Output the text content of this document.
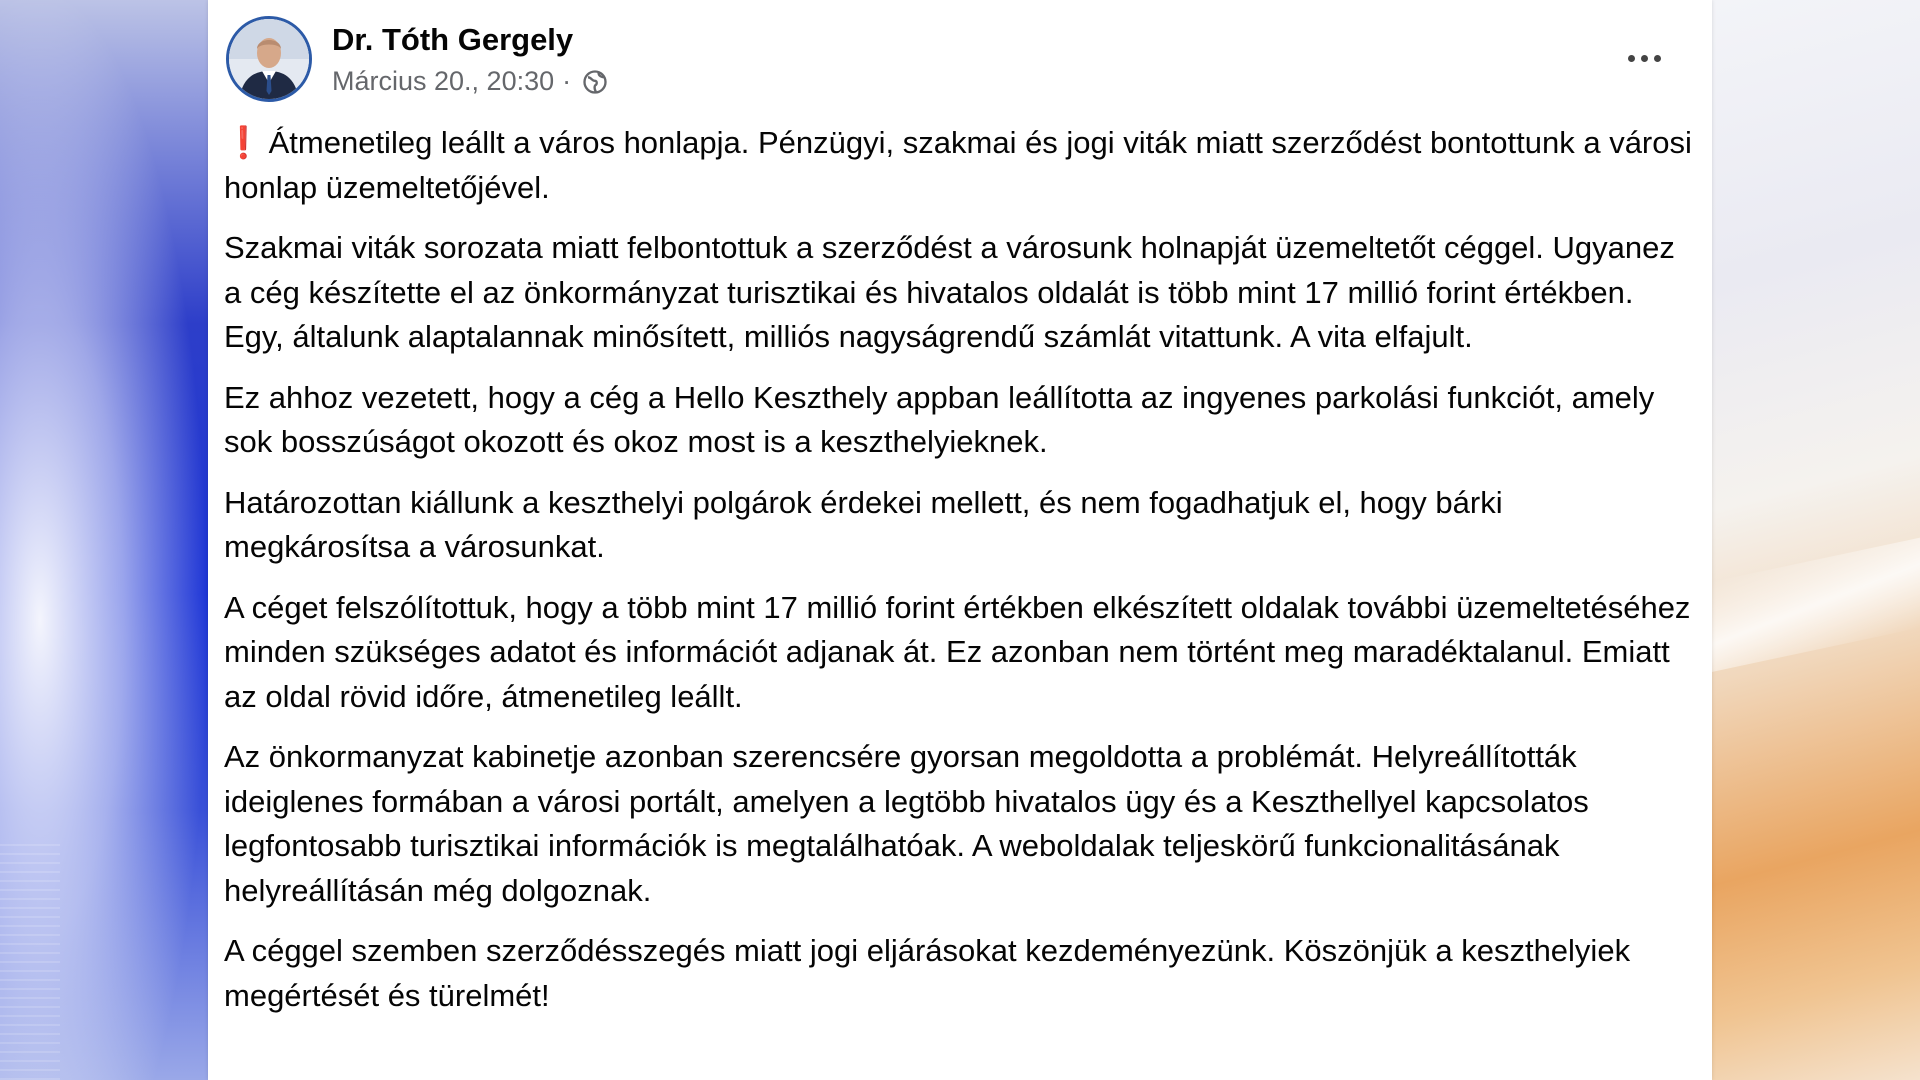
Dr. Tóth Gergely
Március 20., 20:30 ·

❗ Átmenetileg leállt a város honlapja. Pénzügyi, szakmai és jogi viták miatt szerződést bontottunk a városi honlap üzemeltetőjével.

Szakmai viták sorozata miatt felbontottuk a szerződést a városunk holnapját üzemeltetőt céggel. Ugyanez a cég készítette el az önkormányzat turisztikai és hivatalos oldalát is több mint 17 millió forint értékben. Egy, általunk alaptalannak minősített, milliós nagyságrendű számlát vitattunk. A vita elfajult.

Ez ahhoz vezetett, hogy a cég a Hello Keszthely appban leállította az ingyenes parkolási funkciót, amely sok bosszúságot okozott és okoz most is a keszthelyieknek.

Határozottan kiállunk a keszthelyi polgárok érdekei mellett, és nem fogadhatjuk el, hogy bárki megkárosítsa a városunkat.

A céget felszólítottuk, hogy a több mint 17 millió forint értékben elkészített oldalak további üzemeltetéséhez minden szükséges adatot és információt adjanak át. Ez azonban nem történt meg maradéktalanul. Emiatt az oldal rövid időre, átmenetileg leállt.

Az önkormanyzat kabinetje azonban szerencsére gyorsan megoldotta a problémát. Helyreállították ideiglenes formában a városi portált, amelyen a legtöbb hivatalos ügy és a Keszthellyel kapcsolatos legfontosabb turisztikai információk is megtalálhatóak. A weboldalak teljeskörű funkcionalitásának helyreállításán még dolgoznak.

A céggel szemben szerződésszegés miatt jogi eljárásokat kezdeményezünk. Köszönjük a keszthelyiek megértését és türelmét!
